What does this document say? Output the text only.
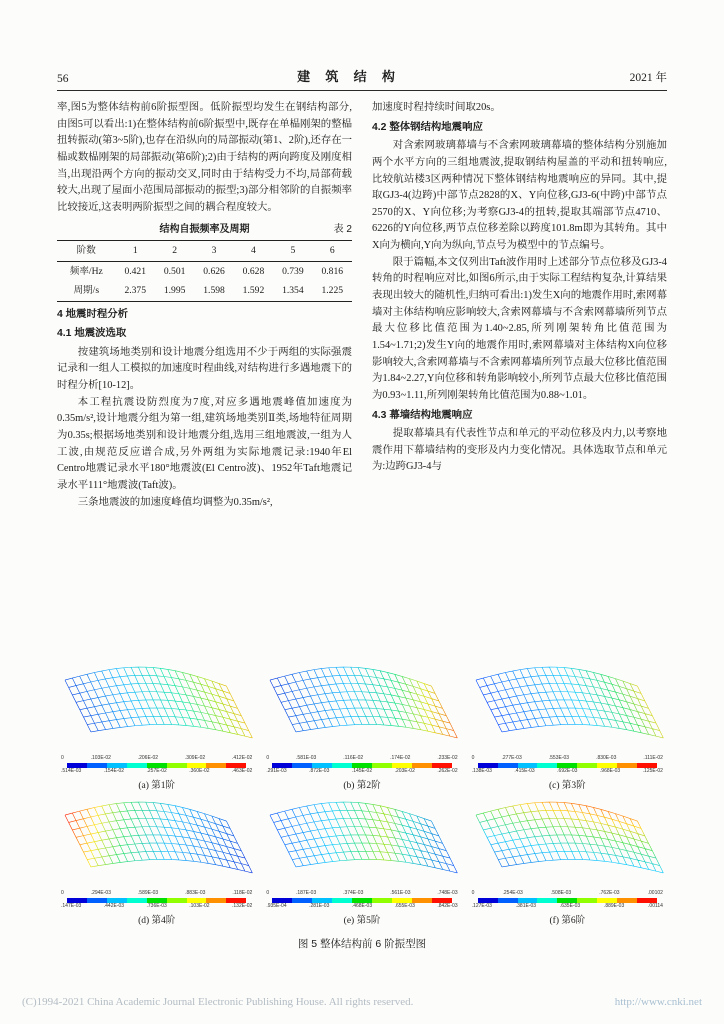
56	建 筑 结 构	2021 年

率,图5为整体结构前6阶振型图。低阶振型均发生在钢结构部分,由图5可以看出:1)在整体结构前6阶振型中,既存在单榀刚架的整榀扭转振动(第3~5阶),也存在沿纵向的局部振动(第1、2阶),还存在一榀或数榀刚架的局部振动(第6阶);2)由于结构的两向跨度及刚度相当,出现沿两个方向的振动交叉,同时由于结构受力不均,局部荷载较大,出现了屋面小范围局部振动的振型;3)部分相邻阶的自振频率比较接近,这表明两阶振型之间的耦合程度较大。

结构自振频率及周期	表 2
阶数	1	2	3	4	5	6
频率/Hz	0.421	0.501	0.626	0.628	0.739	0.816
周期/s	2.375	1.995	1.598	1.592	1.354	1.225
4 地震时程分析
4.1 地震波选取

按建筑场地类别和设计地震分组选用不少于两组的实际强震记录和一组人工模拟的加速度时程曲线,对结构进行多遇地震下的时程分析[10-12]。

本工程抗震设防烈度为7度,对应多遇地震峰值加速度为0.35m/s²,设计地震分组为第一组,建筑场地类别Ⅱ类,场地特征周期为0.35s;根据场地类别和设计地震分组,选用三组地震波,一组为人工波,由规范反应谱合成,另外两组为实际地震记录:1940年El Centro地震记录水平180°地震波(El Centro波)、1952年Taft地震记录水平111°地震波(Taft波)。

三条地震波的加速度峰值均调整为0.35m/s²,

加速度时程持续时间取20s。

4.2 整体钢结构地震响应

对含索网玻璃幕墙与不含索网玻璃幕墙的整体结构分别施加两个水平方向的三组地震波,提取钢结构屋盖的平动和扭转响应,比较航站楼3区两种情况下整体钢结构地震响应的异同。其中,提取GJ3-4(边跨)中部节点2828的X、Y向位移,GJ3-6(中跨)中部节点2570的X、Y向位移;为考察GJ3-4的扭转,提取其端部节点4710、6226的Y向位移,两节点位移差除以跨度101.8m即为其转角。其中X向为横向,Y向为纵向,节点号为模型中的节点编号。

限于篇幅,本文仅列出Taft波作用时上述部分节点位移及GJ3-4转角的时程响应对比,如图6所示,由于实际工程结构复杂,计算结果表现出较大的随机性,归纳可看出:1)发生X向的地震作用时,索网幕墙对主体结构响应影响较大,含索网幕墙与不含索网幕墙所列节点最大位移比值范围为1.40~2.85,所列刚架转角比值范围为1.54~1.71;2)发生Y向的地震作用时,索网幕墙对主体结构X向位移影响较大,含索网幕墙与不含索网幕墙所列节点最大位移比值范围为1.84~2.27,Y向位移和转角影响较小,所列节点最大位移比值范围为0.93~1.11,所列刚架转角比值范围为0.88~1.01。

4.3 幕墙结构地震响应

提取幕墙具有代表性节点和单元的平动位移及内力,以考察地震作用下幕墙结构的变形及内力变化情况。具体选取节点和单元为:边跨GJ3-4与

0	.103E-02	.206E-02	.309E-02	.412E-02
.514E-03	.154E-02	.257E-02	.360E-02	.463E-02
(a) 第1阶
0	.581E-03	.116E-02	.174E-02	.233E-02
.291E-03	.872E-03	.145E-02	.203E-02	.262E-02
(b) 第2阶
0	.277E-03	.553E-03	.830E-03	.111E-02
.138E-03	.415E-03	.692E-03	.968E-03	.125E-02
(c) 第3阶
0	.294E-03	.589E-03	.883E-03	.118E-02
.147E-03	.442E-03	.736E-03	.103E-02	.132E-02
(d) 第4阶
0	.187E-03	.374E-03	.561E-03	.748E-03
.935E-04	.281E-03	.468E-03	.655E-03	.842E-03
(e) 第5阶
0	.254E-03	.508E-03	.762E-03	.00102
.127E-03	.381E-03	.635E-03	.889E-03	.00114
(f) 第6阶
图 5 整体结构前 6 阶振型图
(C)1994-2021 China Academic Journal Electronic Publishing House. All rights reserved.	http://www.cnki.net
